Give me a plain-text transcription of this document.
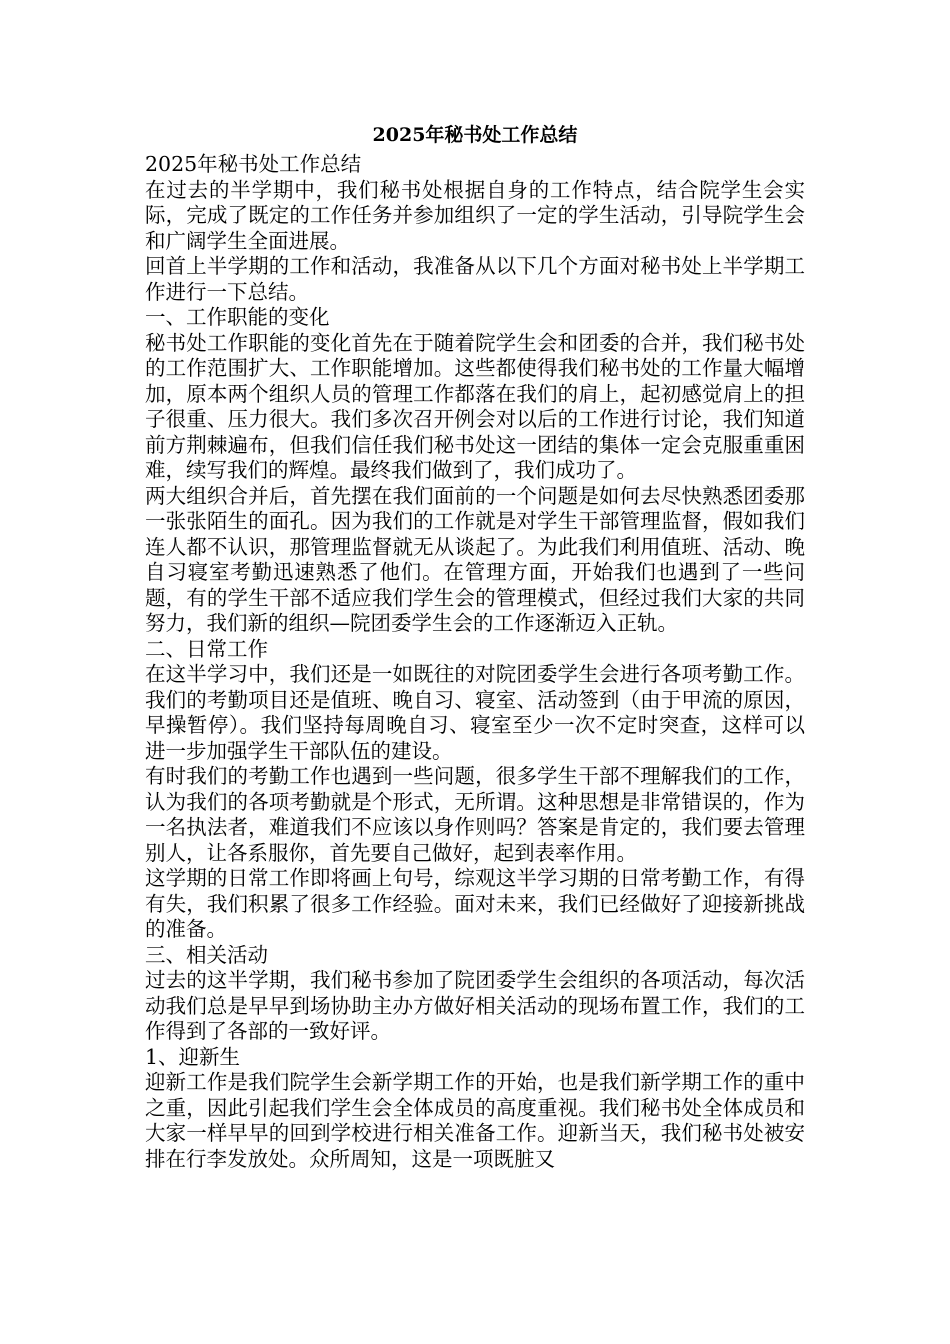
2025年秘书处工作总结

2025年秘书处工作总结

在过去的半学期中，我们秘书处根据自身的工作特点，结合院学生会实际，完成了既定的工作任务并参加组织了一定的学生活动，引导院学生会和广阔学生全面进展。

回首上半学期的工作和活动，我准备从以下几个方面对秘书处上半学期工作进行一下总结。

一、工作职能的变化

秘书处工作职能的变化首先在于随着院学生会和团委的合并，我们秘书处的工作范围扩大、工作职能增加。这些都使得我们秘书处的工作量大幅增加，原本两个组织人员的管理工作都落在我们的肩上，起初感觉肩上的担子很重、压力很大。我们多次召开例会对以后的工作进行讨论，我们知道前方荆棘遍布，但我们信任我们秘书处这一团结的集体一定会克服重重困难，续写我们的辉煌。最终我们做到了，我们成功了。

两大组织合并后，首先摆在我们面前的一个问题是如何去尽快熟悉团委那一张张陌生的面孔。因为我们的工作就是对学生干部管理监督，假如我们连人都不认识，那管理监督就无从谈起了。为此我们利用值班、活动、晚自习寝室考勤迅速熟悉了他们。在管理方面，开始我们也遇到了一些问题，有的学生干部不适应我们学生会的管理模式，但经过我们大家的共同努力，我们新的组织—院团委学生会的工作逐渐迈入正轨。

二、日常工作

在这半学习中，我们还是一如既往的对院团委学生会进行各项考勤工作。我们的考勤项目还是值班、晚自习、寝室、活动签到（由于甲流的原因，早操暂停）。我们坚持每周晚自习、寝室至少一次不定时突查，这样可以进一步加强学生干部队伍的建设。

有时我们的考勤工作也遇到一些问题，很多学生干部不理解我们的工作，认为我们的各项考勤就是个形式，无所谓。这种思想是非常错误的，作为一名执法者，难道我们不应该以身作则吗？答案是肯定的，我们要去管理别人，让各系服你，首先要自己做好，起到表率作用。

这学期的日常工作即将画上句号，综观这半学习期的日常考勤工作，有得有失，我们积累了很多工作经验。面对未来，我们已经做好了迎接新挑战的准备。

三、相关活动

过去的这半学期，我们秘书参加了院团委学生会组织的各项活动，每次活动我们总是早早到场协助主办方做好相关活动的现场布置工作，我们的工作得到了各部的一致好评。

1、迎新生

迎新工作是我们院学生会新学期工作的开始，也是我们新学期工作的重中之重，因此引起我们学生会全体成员的高度重视。我们秘书处全体成员和大家一样早早的回到学校进行相关准备工作。迎新当天，我们秘书处被安排在行李发放处。众所周知，这是一项既脏又
